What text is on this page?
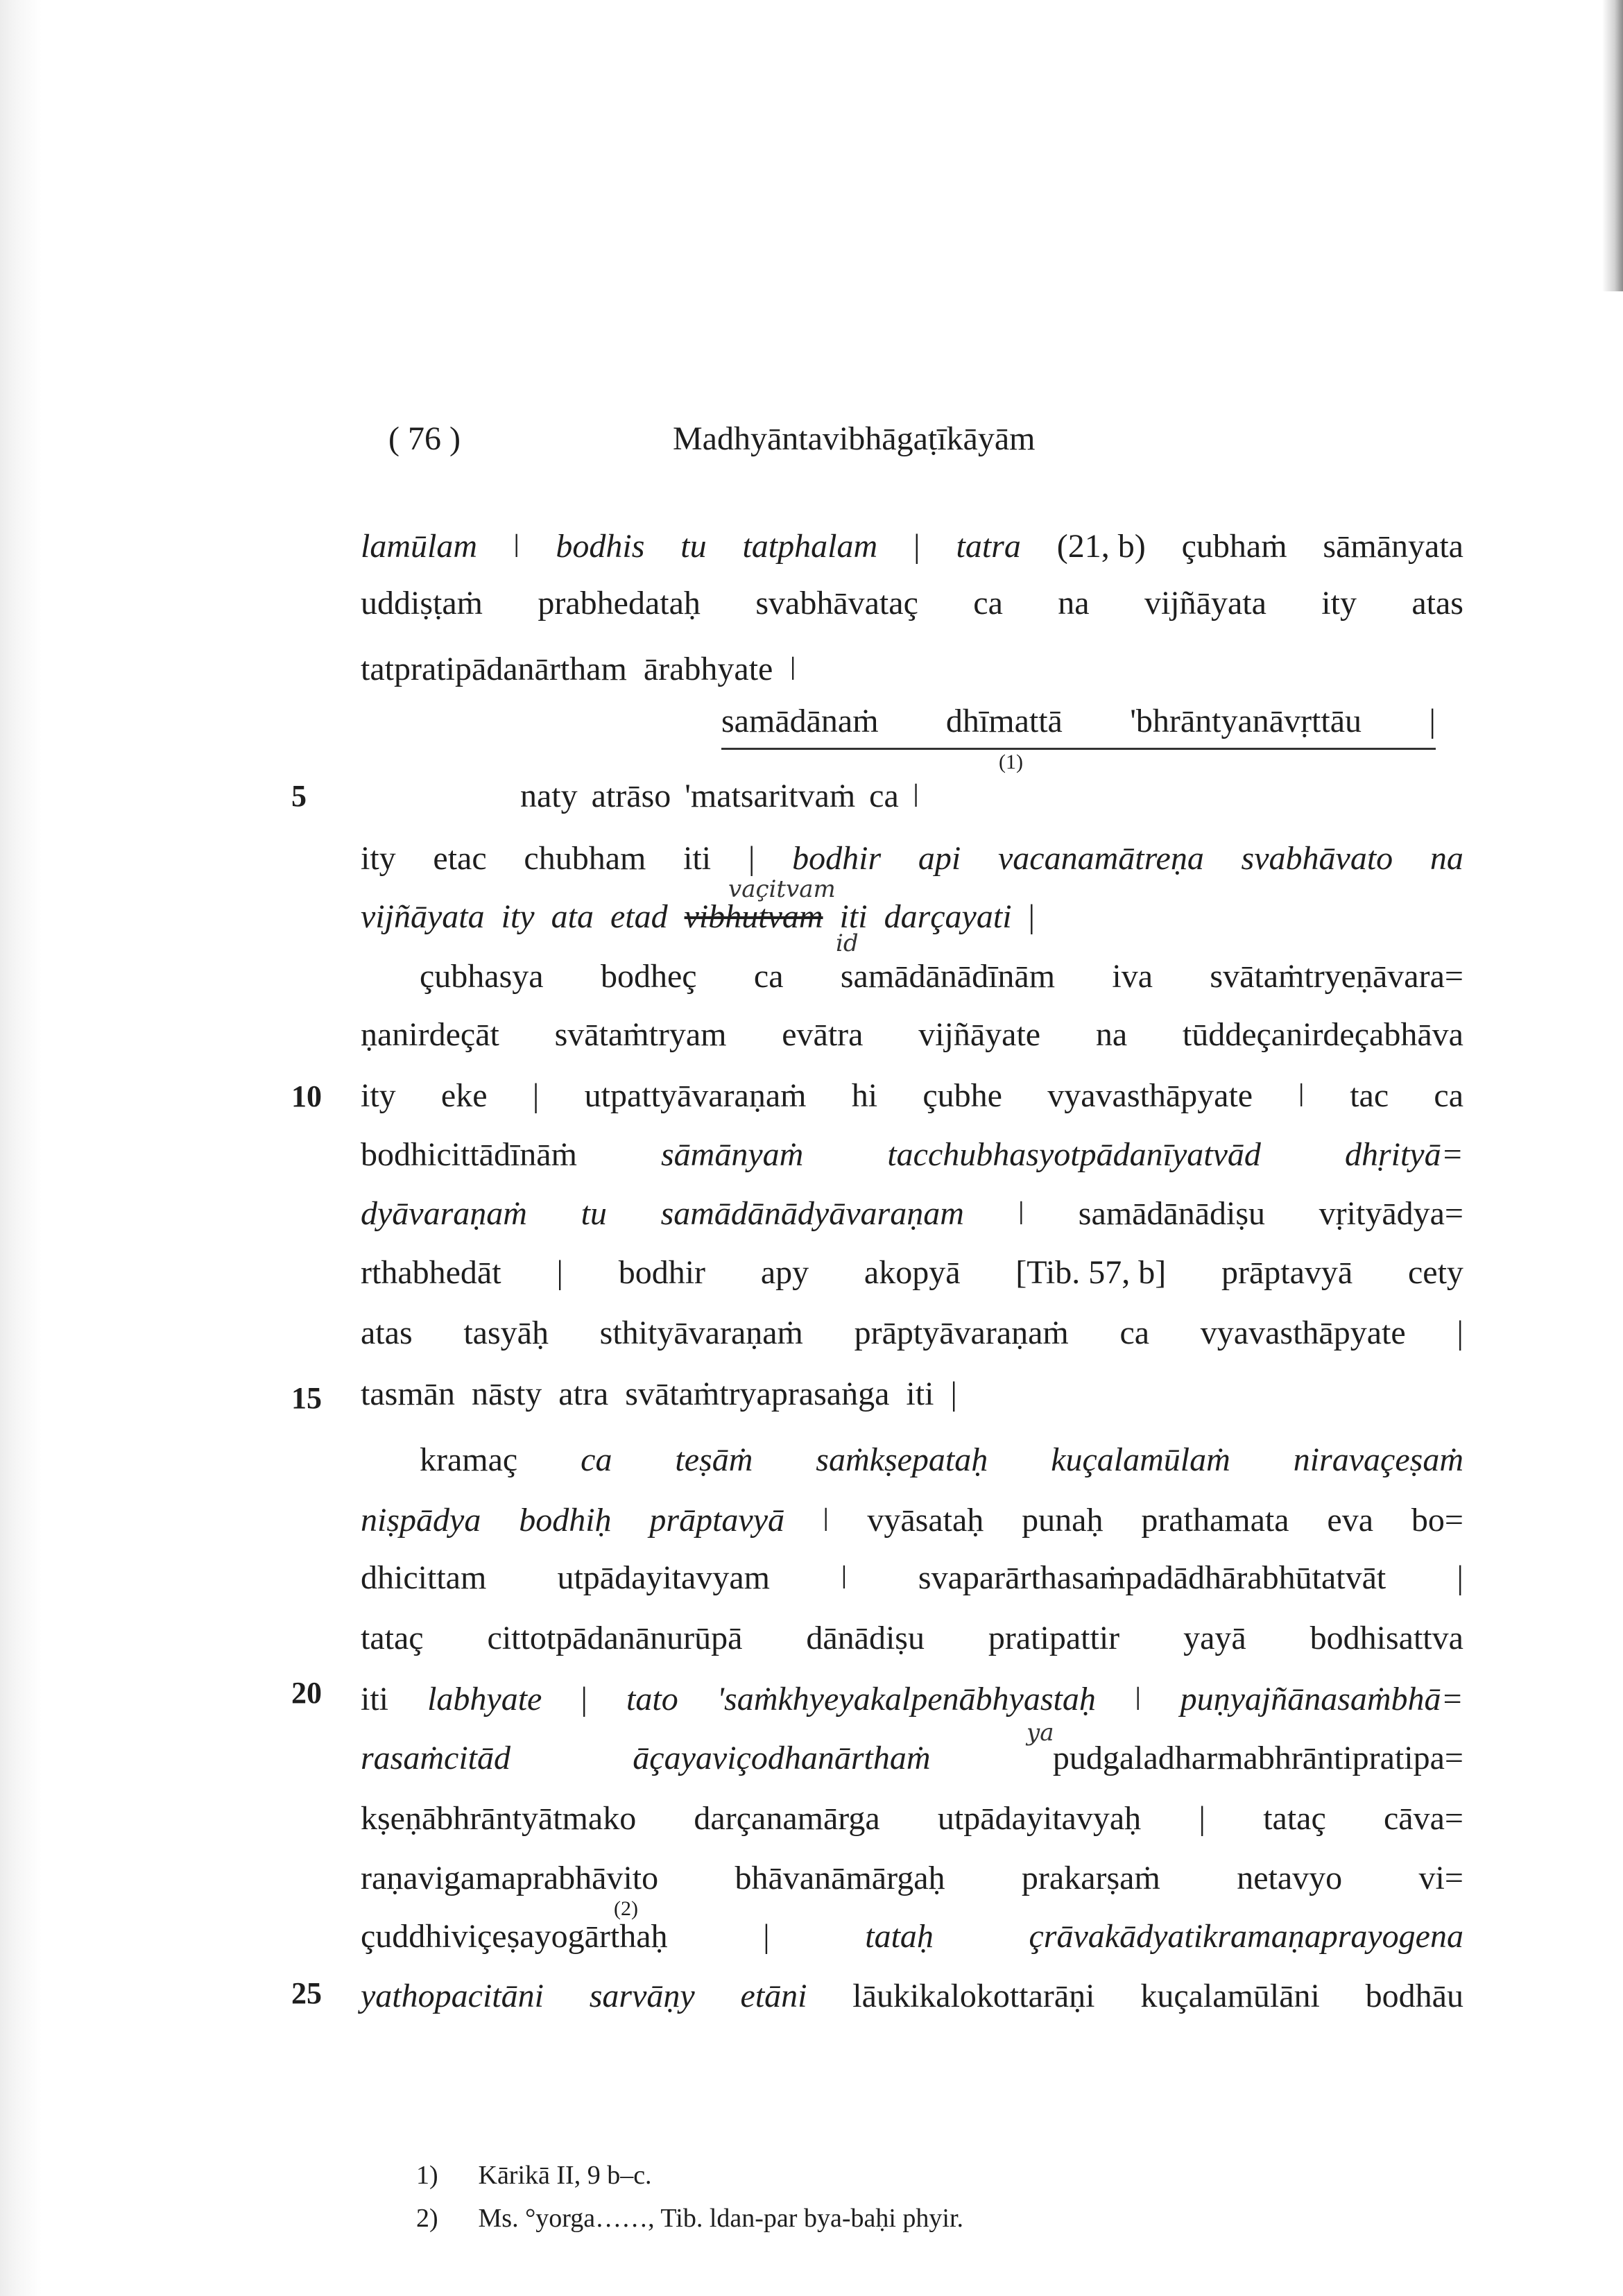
( 76 )	Madhyāntavibhāgaṭīkāyām
5
10
15
20
25
lamūlam ǀ bodhis tu tatphalam | tatra (21, b) çubhaṁ sāmānyata
uddiṣṭaṁ prabhedataḥ svabhāvataç ca na vijñāyata ity atas
tatpratipādanārtham ārabhyate ǀ
samādānaṁ dhīmattā 'bhrāntyanāvṛttāu |
(1)
naty atrāso 'matsaritvaṁ ca ǀ
ity etac chubham iti | bodhir api vacanamātreṇa svabhāvato na
vaçitvam
vijñāyata ity ata etad vibhutvam iti darçayati |
id
çubhasya bodheç ca samādānādīnām iva svātaṁtryeṇāvara=
ṇanirdeçāt svātaṁtryam evātra vijñāyate na tūddeçanirdeçabhāva
ity eke | utpattyāvaraṇaṁ hi çubhe vyavasthāpyate ǀ tac ca
bodhicittādīnāṁ	sāmānyaṁ	tacchubhasyotpādanīyatvād	dhṛityā=
dyāvaraṇaṁ tu samādānādyāvaraṇam ǀ samādānādiṣu vṛityādya=
rthabhedāt | bodhir apy akopyā [Tib. 57, b] prāptavyā cety
atas tasyāḥ sthityāvaraṇaṁ prāptyāvaraṇaṁ ca vyavasthāpyate |
tasmān nāsty atra svātaṁtryaprasaṅga iti |
kramaç ca teṣāṁ saṁkṣepataḥ kuçalamūlaṁ niravaçeṣaṁ
niṣpādya bodhiḥ prāptavyā ǀ vyāsataḥ punaḥ prathamata eva bo=
dhicittam utpādayitavyam ǀ svaparārthasaṁpadādhārabhūtatvāt |
tataç cittotpādanānurūpā dānādiṣu pratipattir yayā bodhisattva
iti labhyate | tato 'saṁkhyeyakalpenābhyastaḥ ǀ puṇyajñānasaṁbhā=
ya
rasaṁcitād	āçayaviçodhanārthaṁ	pudgaladharmabhrāntipratipa=
kṣeṇābhrāntyātmako darçanamārga utpādayitavyaḥ | tataç cāva=
raṇavigamaprabhāvito bhāvanāmārgaḥ prakarṣaṁ netavyo vi=
(2)
çuddhiviçeṣayogārthaḥ	|	tataḥ	çrāvakādyatikramaṇaprayogena
yathopacitāni sarvāṇy etāni lāukikalokottarāṇi kuçalamūlāni bodhāu
1) Kārikā II, 9 b–c.
2) Ms. °yorga……, Tib. ldan-par bya-baḥi phyir.
